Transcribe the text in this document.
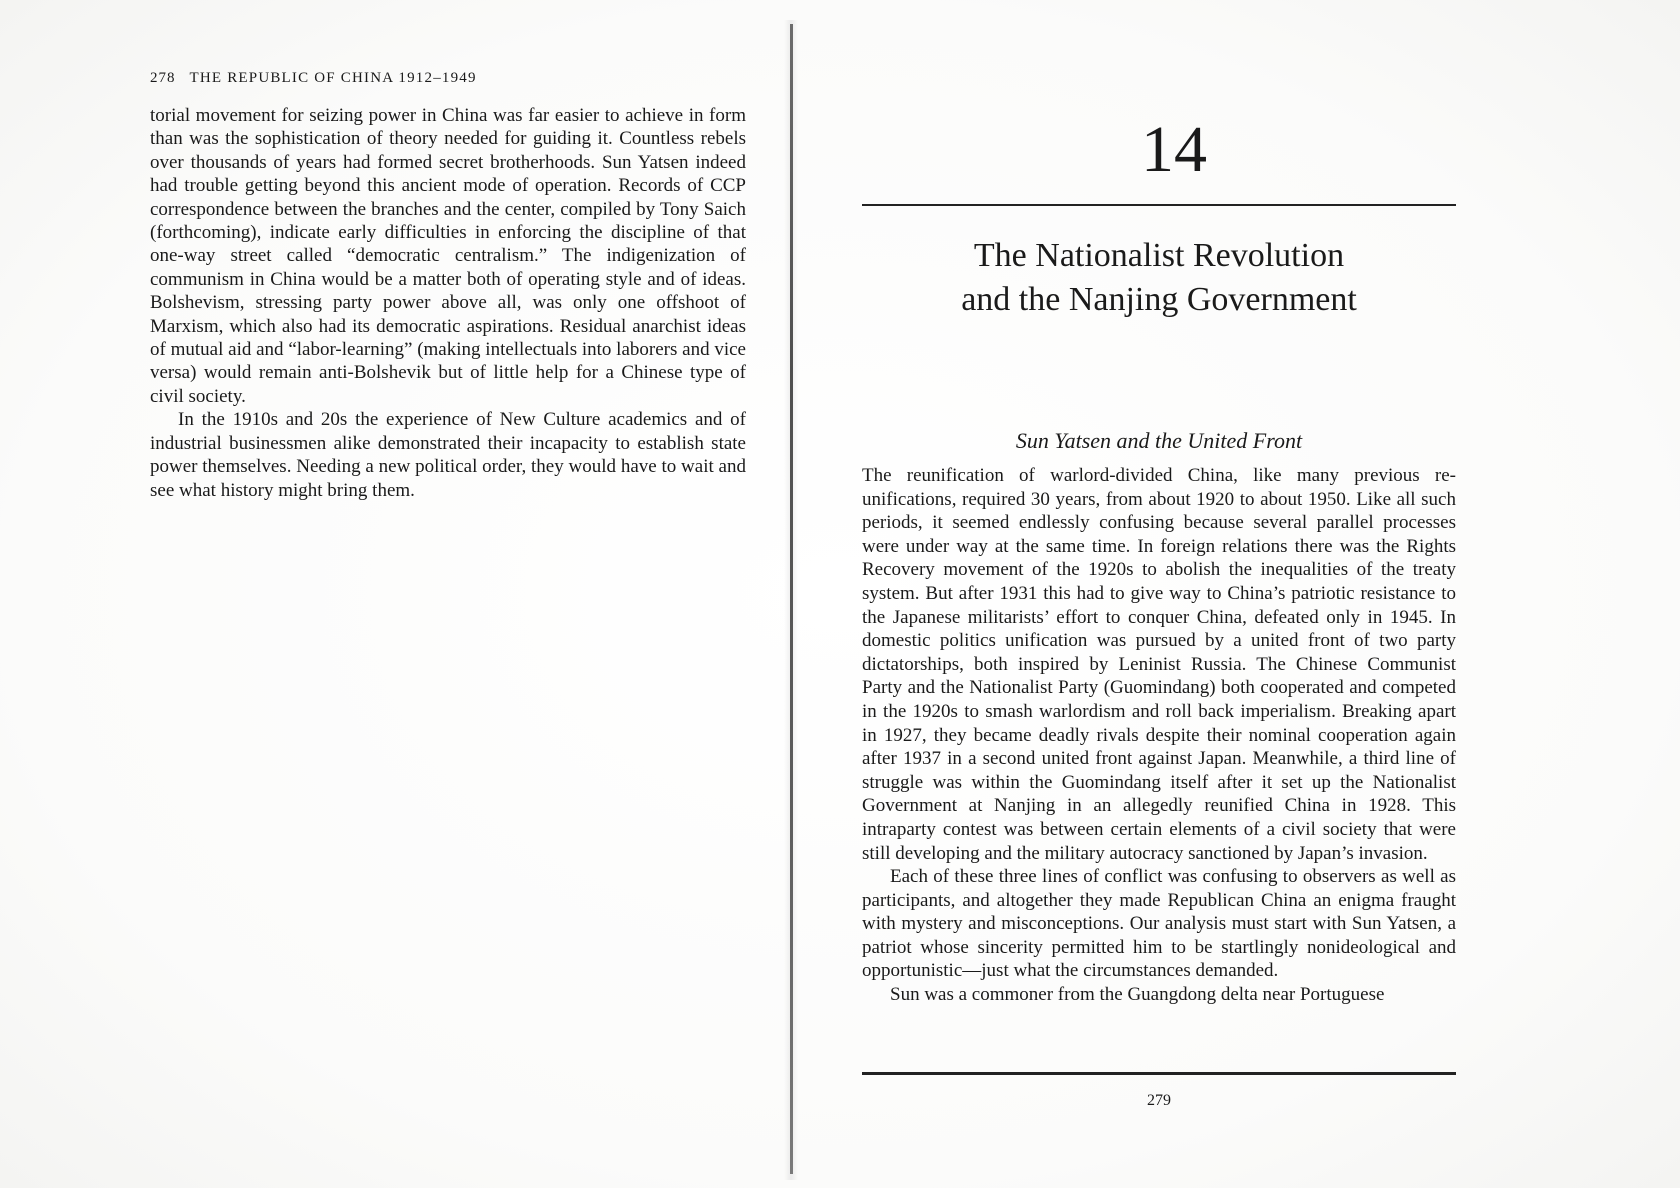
278 THE REPUBLIC OF CHINA 1912–1949

torial movement for seizing power in China was far easier to achieve in form than was the sophistication of theory needed for guiding it. Countless rebels over thousands of years had formed secret brotherhoods. Sun Yatsen indeed had trouble getting beyond this ancient mode of operation. Records of CCP correspondence between the branches and the center, compiled by Tony Saich (forthcoming), indicate early difficulties in enforcing the discipline of that one-way street called “democratic centralism.” The indigenization of communism in China would be a matter both of operating style and of ideas. Bolshevism, stressing party power above all, was only one offshoot of Marxism, which also had its democratic aspirations. Residual anarchist ideas of mutual aid and “labor-learning” (making intellectuals into laborers and vice versa) would remain anti-Bolshevik but of little help for a Chinese type of civil society.

In the 1910s and 20s the experience of New Culture academics and of industrial businessmen alike demonstrated their incapacity to establish state power themselves. Needing a new political order, they would have to wait and see what history might bring them.

14
The Nationalist Revolution
and the Nanjing Government
Sun Yatsen and the United Front

The reunification of warlord-divided China, like many previous re-unifications, required 30 years, from about 1920 to about 1950. Like all such periods, it seemed endlessly confusing because several parallel processes were under way at the same time. In foreign relations there was the Rights Recovery movement of the 1920s to abolish the inequalities of the treaty system. But after 1931 this had to give way to China’s patriotic resistance to the Japanese militarists’ effort to conquer China, defeated only in 1945. In domestic politics unification was pursued by a united front of two party dictatorships, both inspired by Leninist Russia. The Chinese Communist Party and the Nationalist Party (Guomindang) both cooperated and competed in the 1920s to smash warlordism and roll back imperialism. Breaking apart in 1927, they became deadly rivals despite their nominal cooperation again after 1937 in a second united front against Japan. Meanwhile, a third line of struggle was within the Guomindang itself after it set up the Nationalist Government at Nanjing in an allegedly reunified China in 1928. This intraparty contest was between certain elements of a civil society that were still developing and the military autocracy sanctioned by Japan’s invasion.

Each of these three lines of conflict was confusing to observers as well as participants, and altogether they made Republican China an enigma fraught with mystery and misconceptions. Our analysis must start with Sun Yatsen, a patriot whose sincerity permitted him to be startlingly nonideological and opportunistic—just what the circumstances demanded.

Sun was a commoner from the Guangdong delta near Portuguese

279
